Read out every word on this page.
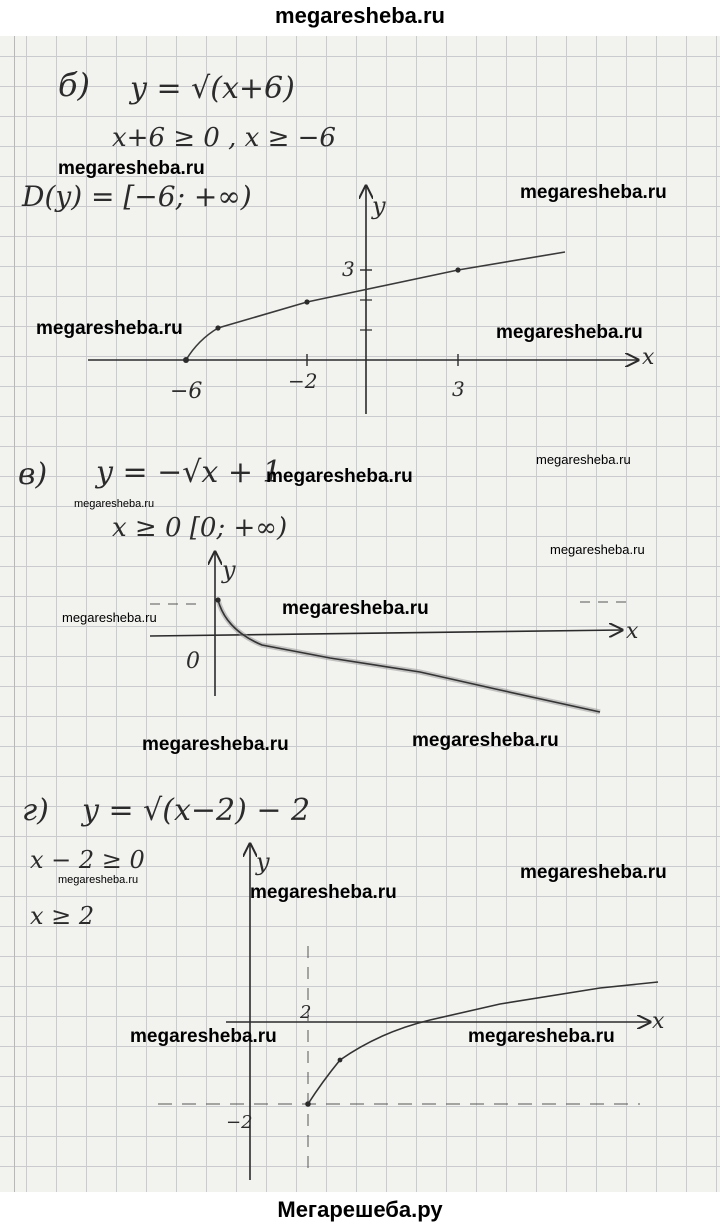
megaresheba.ru
б) y = √(x+6)
x+6 ≥ 0 , x ≥ −6
D(y) = [−6; +∞)
x
y
−6	−2	3
3
в) y = −√x + 1
x ≥ 0 [0; +∞)
x
y
0
г) y = √(x−2) − 2
x − 2 ≥ 0
x ≥ 2
x
y
2
−2
megaresheba.ru
megaresheba.ru
megaresheba.ru	megaresheba.ru
megaresheba.ru
megaresheba.ru
megaresheba.ru
megaresheba.ru
megaresheba.ru	megaresheba.ru
megaresheba.ru	megaresheba.ru
megaresheba.ru
megaresheba.ru
megaresheba.ru
megaresheba.ru	megaresheba.ru
Мегарешеба.ру
